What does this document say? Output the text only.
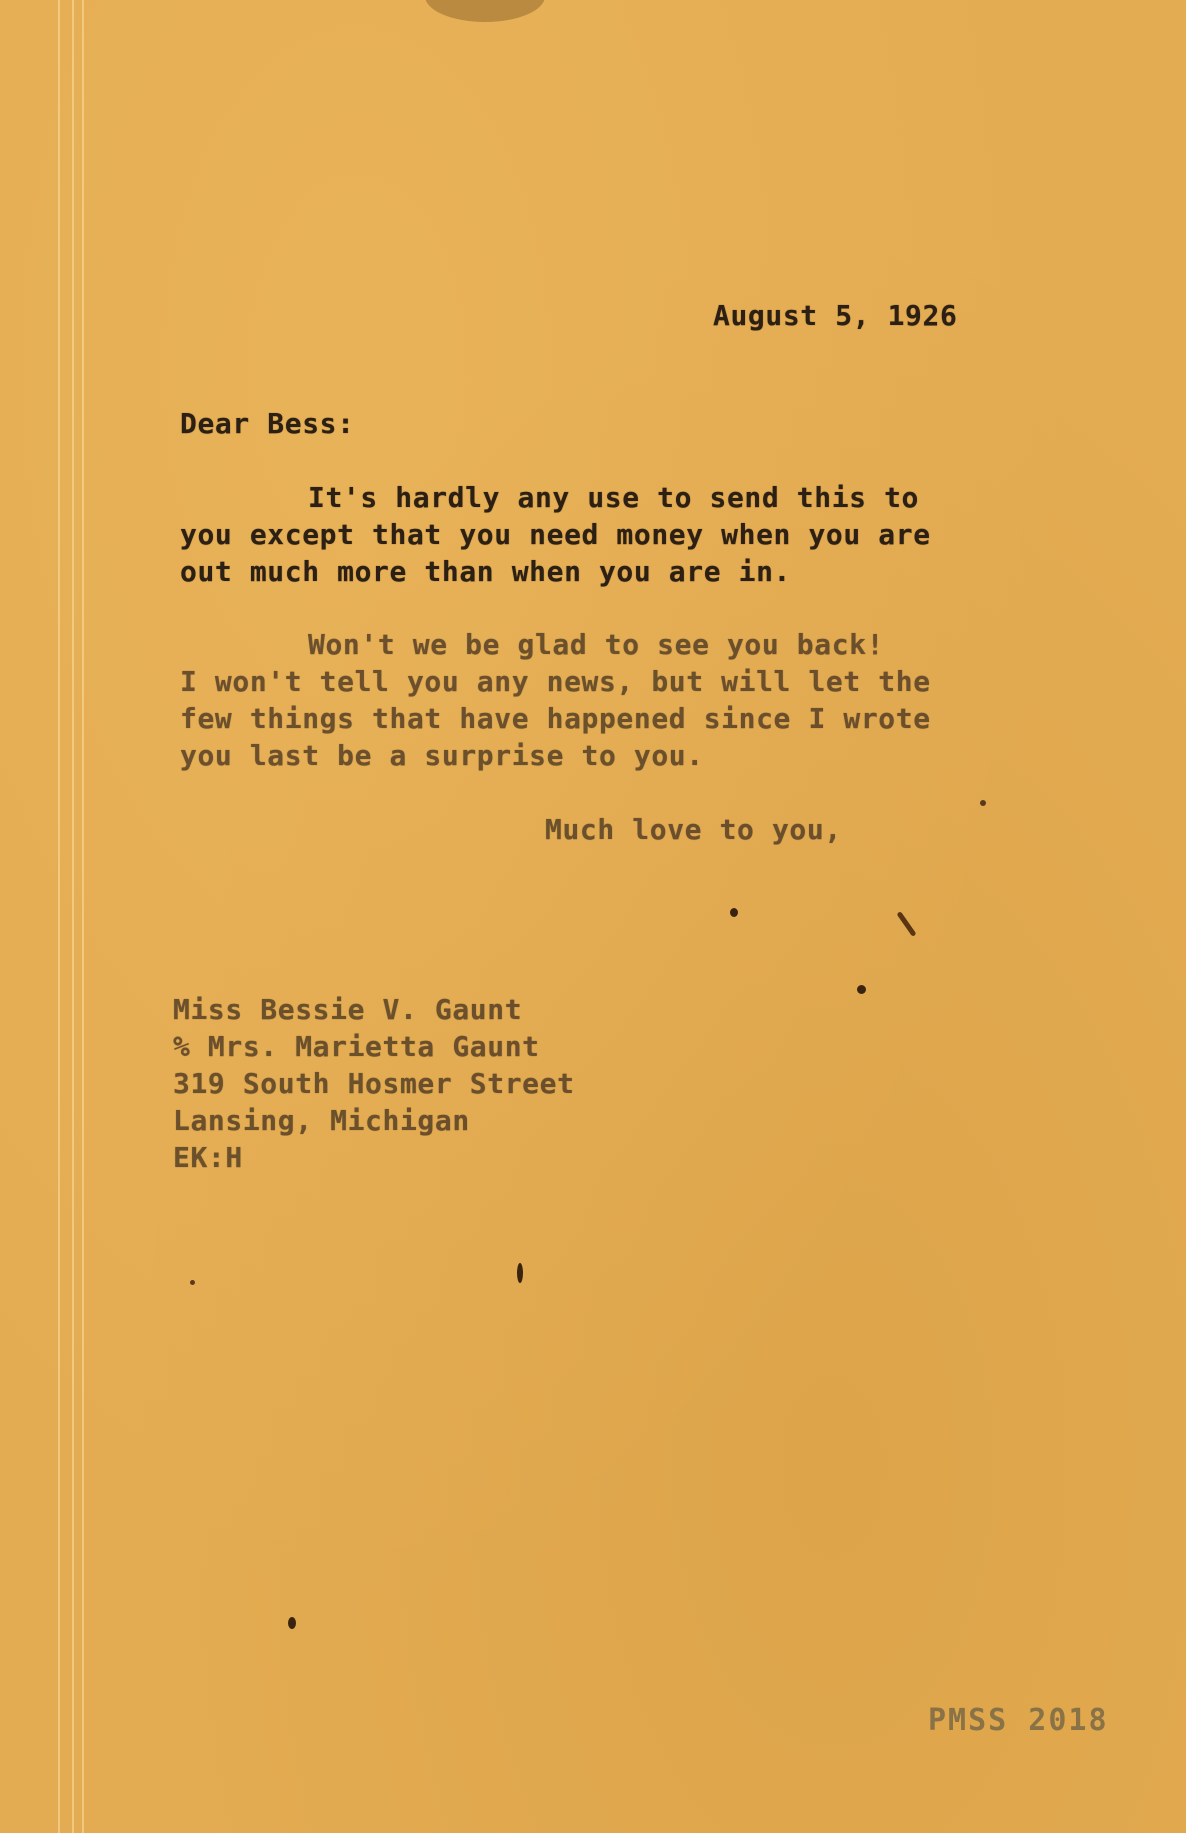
August 5, 1926
Dear Bess:
It's hardly any use to send this to
you except that you need money when you are
out much more than when you are in.
Won't we be glad to see you back!
I won't tell you any news, but will let the
few things that have happened since I wrote
you last be a surprise to you.
Much love to you,
Miss Bessie V. Gaunt
% Mrs. Marietta Gaunt
319 South Hosmer Street
Lansing, Michigan
EK:H
PMSS 2018
